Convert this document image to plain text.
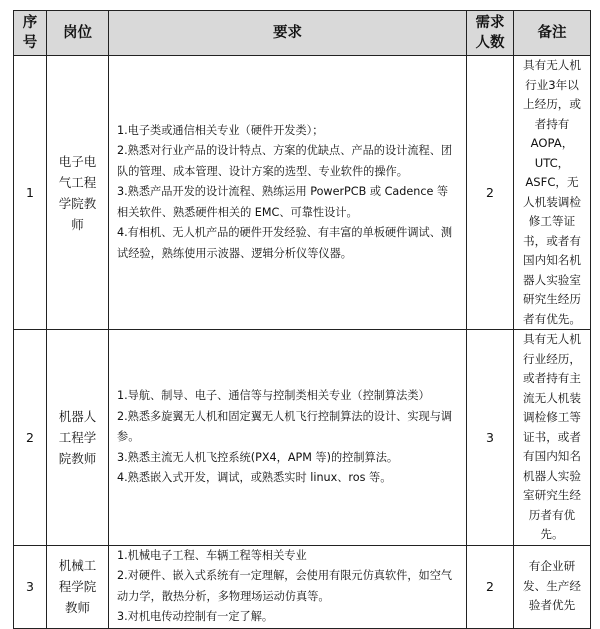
序号	岗位	要求	需求人数	备注
1	电子电气工程学院教师	1.电子类或通信相关专业（硬件开发类）；
2.熟悉对行业产品的设计特点、方案的优缺点、产品的设计流程、团队的管理、成本管理、设计方案的选型、专业软件的操作。
3.熟悉产品开发的设计流程、熟练运用 PowerPCB 或 Cadence 等相关软件、熟悉硬件相关的 EMC、可靠性设计。
4.有相机、无人机产品的硬件开发经验、有丰富的单板硬件调试、测试经验，熟练使用示波器、逻辑分析仪等仪器。	2	具有无人机行业3年以上经历，或者持有AOPA，UTC，ASFC，无人机装调检修工等证书，或者有国内知名机器人实验室研究生经历者有优先。
2	机器人工程学院教师	1.导航、制导、电子、通信等与控制类相关专业（控制算法类）
2.熟悉多旋翼无人机和固定翼无人机飞行控制算法的设计、实现与调参。
3.熟悉主流无人机飞控系统(PX4，APM 等)的控制算法。
4.熟悉嵌入式开发，调试，或熟悉实时 linux、ros 等。	3	具有无人机行业经历，或者持有主流无人机装调检修工等证书，或者有国内知名机器人实验室研究生经历者有优先。
3	机械工程学院教师	1.机械电子工程、车辆工程等相关专业
2.对硬件、嵌入式系统有一定理解，会使用有限元仿真软件，如空气动力学，散热分析，多物理场运动仿真等。
3.对机电传动控制有一定了解。	2	有企业研发、生产经验者优先
